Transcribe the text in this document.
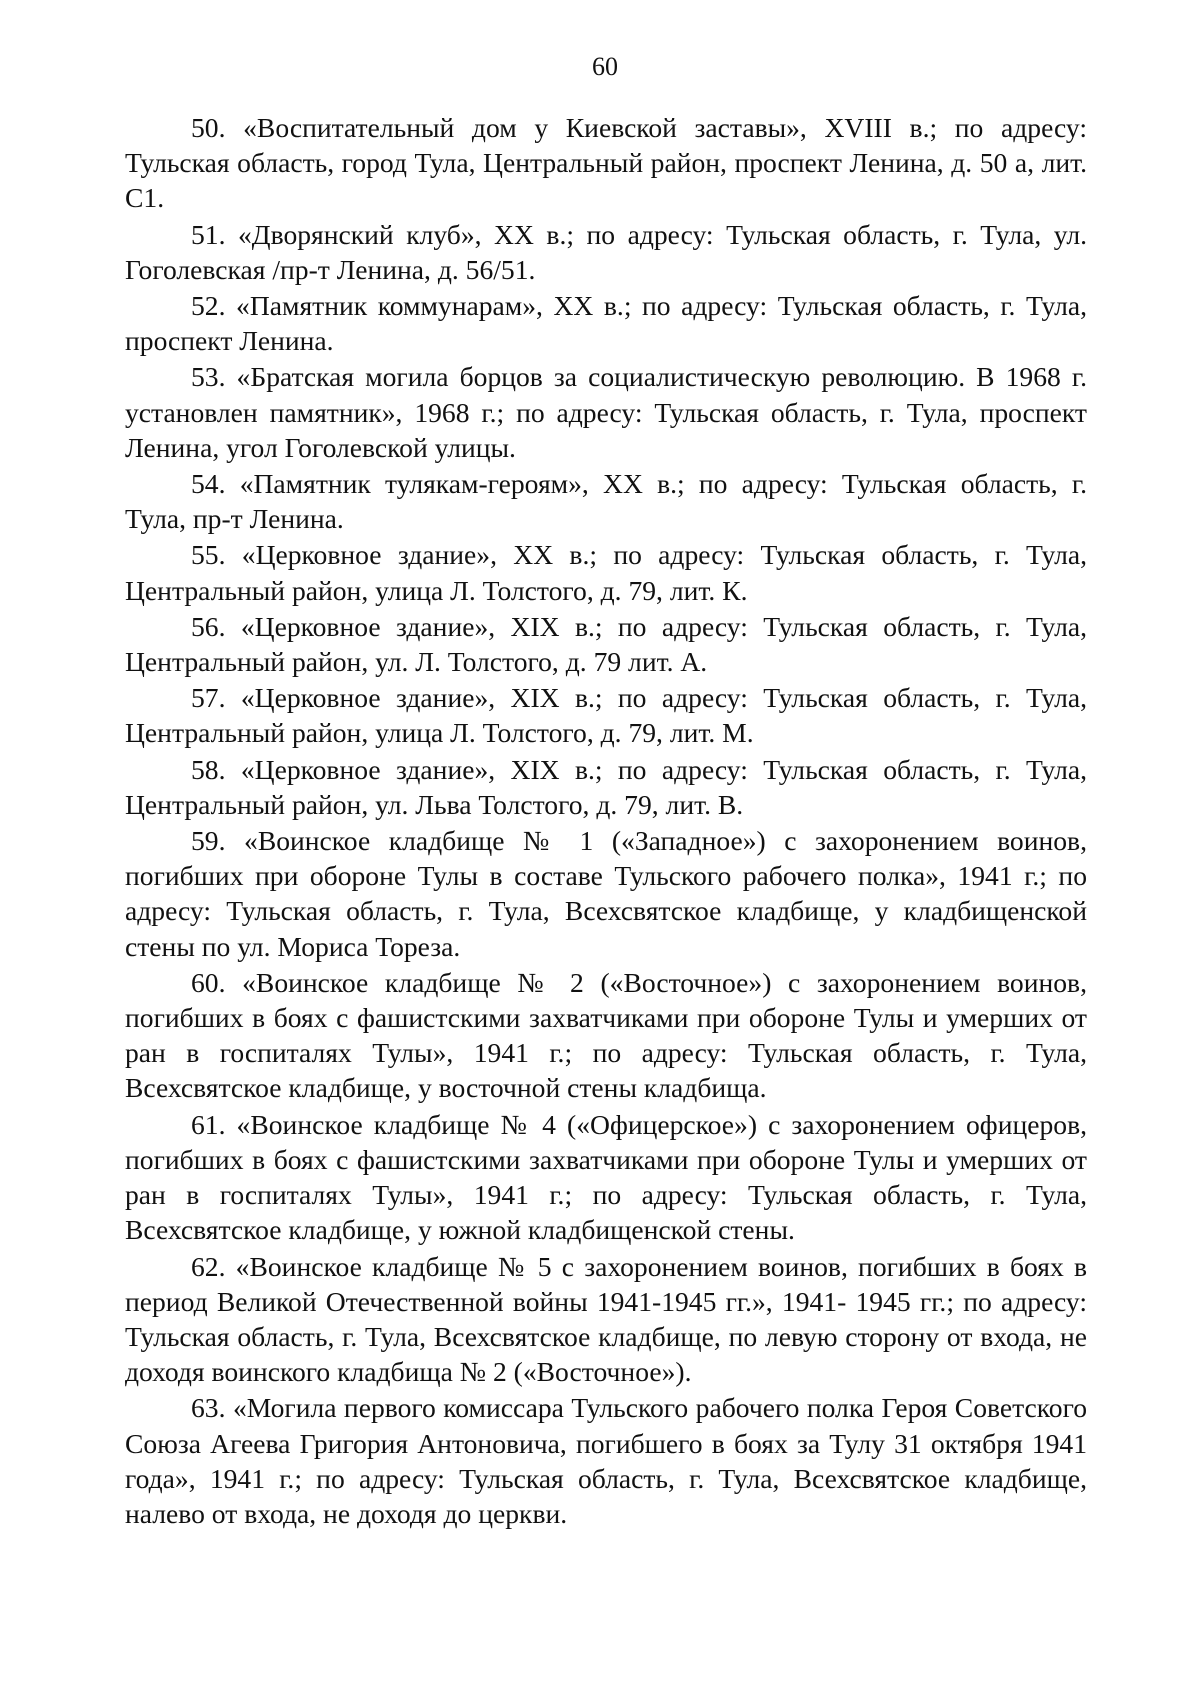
60

50. «Воспитательный дом у Киевской заставы», XVIII в.; по адресу: Тульская область, город Тула, Центральный район, проспект Ленина, д. 50 а, лит. С1.

51. «Дворянский клуб», XX в.; по адресу: Тульская область, г. Тула, ул. Гоголевская /пр-т Ленина, д. 56/51.

52. «Памятник коммунарам», XX в.; по адресу: Тульская область, г. Тула, проспект Ленина.

53. «Братская могила борцов за социалистическую революцию. В 1968 г. установлен памятник», 1968 г.; по адресу: Тульская область, г. Тула, проспект Ленина, угол Гоголевской улицы.

54. «Памятник тулякам-героям», XX в.; по адресу: Тульская область, г. Тула, пр-т Ленина.

55. «Церковное здание», XX в.; по адресу: Тульская область, г. Тула, Центральный район, улица Л. Толстого, д. 79, лит. К.

56. «Церковное здание», XIX в.; по адресу: Тульская область, г. Тула, Центральный район, ул. Л. Толстого, д. 79 лит. А.

57. «Церковное здание», XIX в.; по адресу: Тульская область, г. Тула, Центральный район, улица Л. Толстого, д. 79, лит. М.

58. «Церковное здание», XIX в.; по адресу: Тульская область, г. Тула, Центральный район, ул. Льва Толстого, д. 79, лит. В.

59. «Воинское кладбище № 1 («Западное») с захоронением воинов, погибших при обороне Тулы в составе Тульского рабочего полка», 1941 г.; по адресу: Тульская область, г. Тула, Всехсвятское кладбище, у кладбищенской стены по ул. Мориса Тореза.

60. «Воинское кладбище № 2 («Восточное») с захоронением воинов, погибших в боях с фашистскими захватчиками при обороне Тулы и умерших от ран в госпиталях Тулы», 1941 г.; по адресу: Тульская область, г. Тула, Всехсвятское кладбище, у восточной стены кладбища.

61. «Воинское кладбище № 4 («Офицерское») с захоронением офицеров, погибших в боях с фашистскими захватчиками при обороне Тулы и умерших от ран в госпиталях Тулы», 1941 г.; по адресу: Тульская область, г. Тула, Всехсвятское кладбище, у южной кладбищенской стены.

62. «Воинское кладбище № 5 с захоронением воинов, погибших в боях в период Великой Отечественной войны 1941-1945 гг.», 1941- 1945 гг.; по адресу: Тульская область, г. Тула, Всехсвятское кладбище, по левую сторону от входа, не доходя воинского кладбища № 2 («Восточное»).

63. «Могила первого комиссара Тульского рабочего полка Героя Советского Союза Агеева Григория Антоновича, погибшего в боях за Тулу 31 октября 1941 года», 1941 г.; по адресу: Тульская область, г. Тула, Всехсвятское кладбище, налево от входа, не доходя до церкви.
